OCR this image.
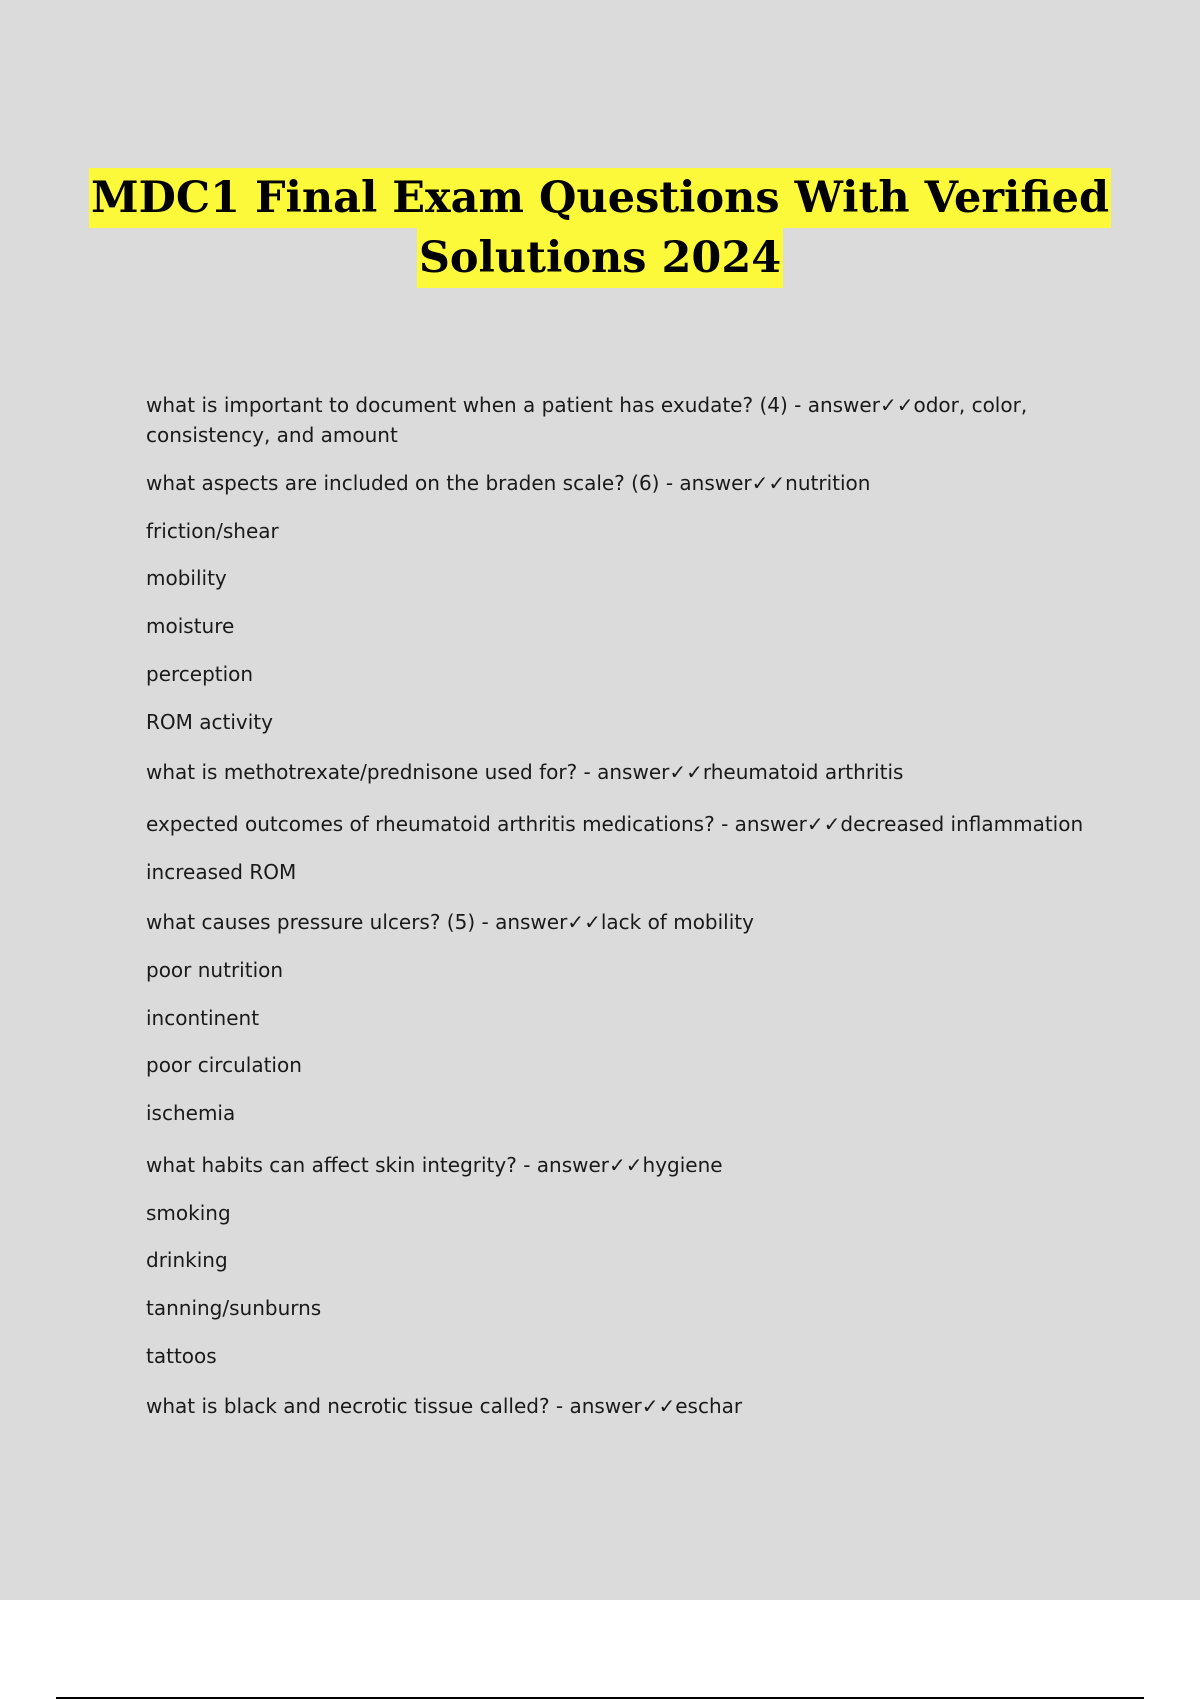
MDC1 Final Exam Questions With Verified
Solutions 2024

what is important to document when a patient has exudate? (4) - answer✓✓odor, color, consistency, and amount

what aspects are included on the braden scale? (6) - answer✓✓nutrition

friction/shear

mobility

moisture

perception

ROM activity

what is methotrexate/prednisone used for? - answer✓✓rheumatoid arthritis

expected outcomes of rheumatoid arthritis medications? - answer✓✓decreased inflammation

increased ROM

what causes pressure ulcers? (5) - answer✓✓lack of mobility

poor nutrition

incontinent

poor circulation

ischemia

what habits can affect skin integrity? - answer✓✓hygiene

smoking

drinking

tanning/sunburns

tattoos

what is black and necrotic tissue called? - answer✓✓eschar
